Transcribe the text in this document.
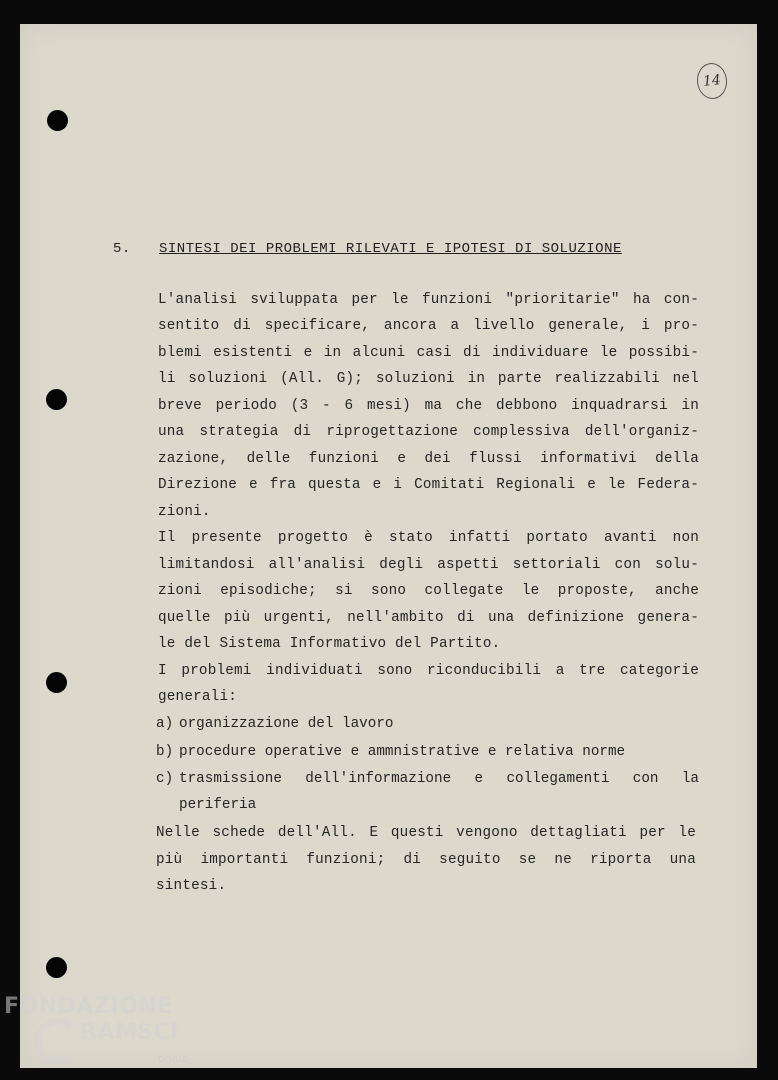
14
5. SINTESI DEI PROBLEMI RILEVATI E IPOTESI DI SOLUZIONE
L'analisi sviluppata per le funzioni "prioritarie" ha con-
sentito di specificare, ancora a livello generale, i pro-
blemi esistenti e in alcuni casi di individuare le possibi-
li soluzioni (All. G); soluzioni in parte realizzabili nel
breve periodo (3 - 6 mesi) ma che debbono inquadrarsi in
una strategia di riprogettazione complessiva dell'organiz-
zazione, delle funzioni e dei flussi informativi della
Direzione e fra questa e i Comitati Regionali e le Federa-
zioni.
Il presente progetto è stato infatti portato avanti non
limitandosi all'analisi degli aspetti settoriali con solu-
zioni episodiche; si sono collegate le proposte, anche
quelle più urgenti, nell'ambito di una definizione genera-
le del Sistema Informativo del Partito.
I problemi individuati sono riconducibili a tre categorie
generali:
a) organizzazione del lavoro
b) procedure operative e ammnistrative e relativa norme
c) trasmissione dell'informazione e collegamenti con la
periferia
Nelle schede dell'All. E questi vengono dettagliati per le
più importanti funzioni; di seguito se ne riporta una
sintesi.
FONDAZIONE
RAMSCI
onlus
